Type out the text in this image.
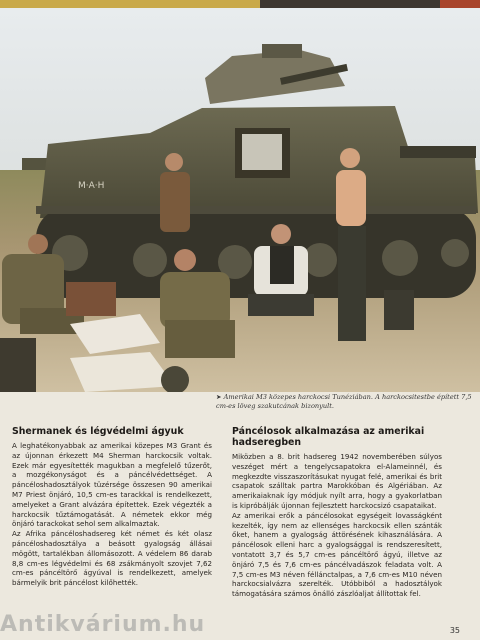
M·A·H
➤ Amerikai M3 közepes harckocsi Tunéziában. A harckocsitestbe épített 7,5 cm-es löveg szakutcának bizonyult.
Shermanek és légvédelmi ágyuk

A leghatékonyabbak az amerikai közepes M3 Grant és az újonnan érkezett M4 Sherman harckocsik voltak. Ezek már egyesítették magukban a megfelelő tűzerőt, a mozgékonyságot és a páncélvédettséget. A páncéloshadosztályok tüzérsége összesen 90 amerikai M7 Priest önjáró, 10,5 cm-es tarackkal is rendelkezett, amelyeket a Grant alvázára építettek. Ezek végezték a harckocsik tűztámogatását. A németek ekkor még önjáró tarackokat sehol sem alkalmaztak.

Az Afrika páncéloshadsereg két német és két olasz páncéloshadosztálya a beásott gyalogság állásai mögött, tartalékban állomásozott. A védelem 86 darab 8,8 cm-es légvédelmi és 68 zsákmányolt szovjet 7,62 cm-es páncéltörő ágyúval is rendelkezett, amelyek bármelyik brit páncélost kilőhették.

Páncélosok alkalmazása az amerikai hadseregben

Miközben a 8. brit hadsereg 1942 novemberében súlyos veszéget mért a tengelycsapatokra el-Alameinnél, és megkezdte visszaszorításukat nyugat felé, amerikai és brit csapatok szálltak partra Marokkóban és Algériában. Az amerikaiaknak így módjuk nyílt arra, hogy a gyakorlatban is kipróbálják újonnan fejlesztett harckocsizó csapataikat.

Az amerikai erők a páncélosokat egységeit lovasságként kezelték, így nem az ellenséges harckocsik ellen szánták őket, hanem a gyalogság áttörésének kihasználására. A páncélosok elleni harc a gyalogsággal is rendszeresített, vontatott 3,7 és 5,7 cm-es páncéltörő ágyú, illetve az önjáró 7,5 és 7,6 cm-es páncélvadászok feladata volt. A 7,5 cm-es M3 néven féllánctalpas, a 7,6 cm-es M10 néven harckocsialvázra szerelték. Utóbbiból a hadosztályok támogatására számos önálló zászlóaljat állítottak fel.

Antikvárium.hu	35
